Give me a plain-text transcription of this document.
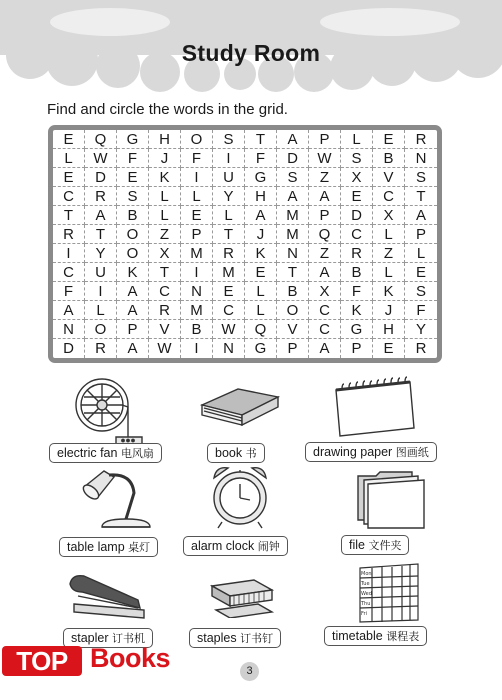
Study Room
Find and circle the words in the grid.
E	Q	G	H	O	S	T	A	P	L	E	R
L	W	F	J	F	I	F	D	W	S	B	N
E	D	E	K	I	U	G	S	Z	X	V	S
C	R	S	L	L	Y	H	A	A	E	C	T
T	A	B	L	E	L	A	M	P	D	X	A
R	T	O	Z	P	T	J	M	Q	C	L	P
I	Y	O	X	M	R	K	N	Z	R	Z	L
C	U	K	T	I	M	E	T	A	B	L	E
F	I	A	C	N	E	L	B	X	F	K	S
A	L	A	R	M	C	L	O	C	K	J	F
N	O	P	V	B	W	Q	V	C	G	H	Y
D	R	A	W	I	N	G	P	A	P	E	R
electric fan 电风扇	book 书	drawing paper 图画纸
table lamp 桌灯	alarm clock 闹钟	file 文件夹
Mon
Tue
Wed
Thu
Fri
stapler 订书机	staples 订书钉	timetable 课程表
TOP Books	3
